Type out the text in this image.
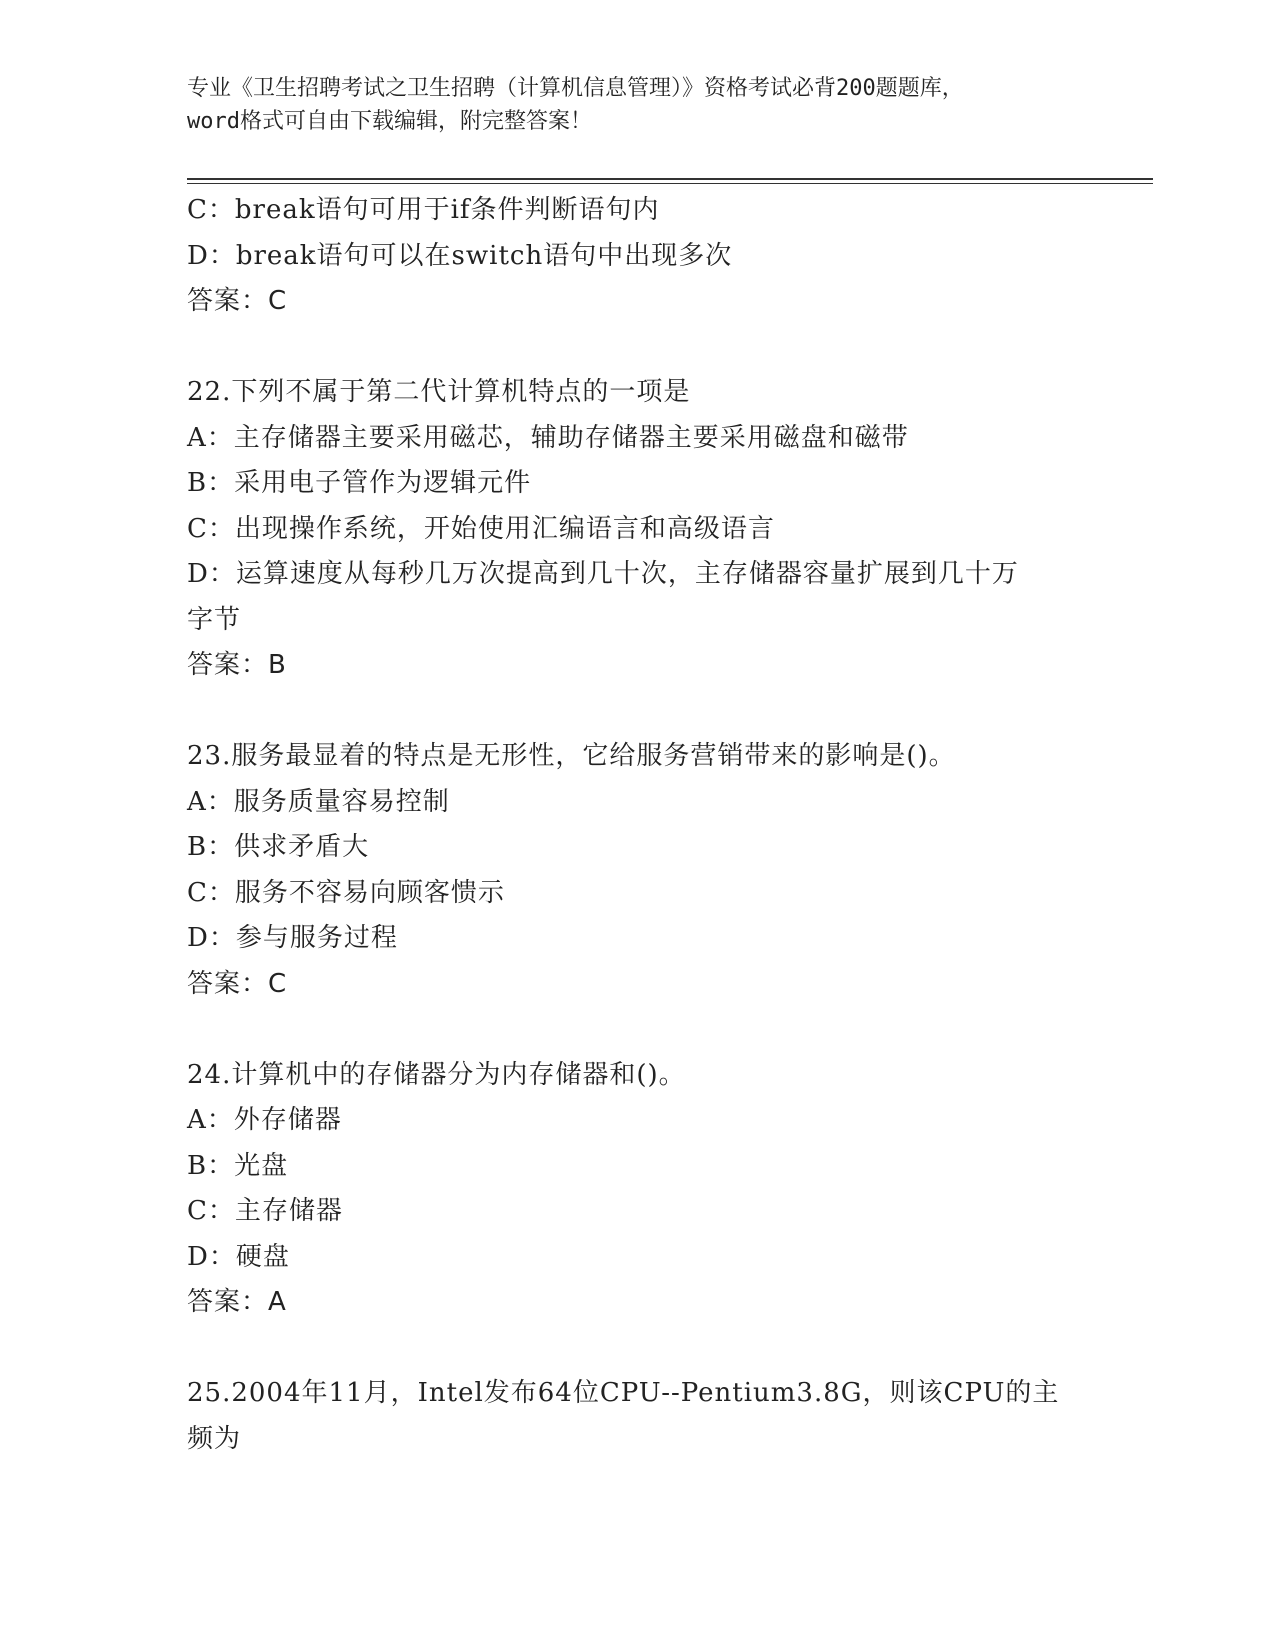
专业《卫生招聘考试之卫生招聘（计算机信息管理）》资格考试必背200题题库，
word格式可自由下载编辑，附完整答案！
C：break语句可用于if条件判断语句内
D：break语句可以在switch语句中出现多次
答案：C
22.下列不属于第二代计算机特点的一项是
A：主存储器主要采用磁芯，辅助存储器主要采用磁盘和磁带
B：采用电子管作为逻辑元件
C：出现操作系统，开始使用汇编语言和高级语言
D：运算速度从每秒几万次提高到几十次，主存储器容量扩展到几十万
字节
答案：B
23.服务最显着的特点是无形性，它给服务营销带来的影响是()。
A：服务质量容易控制
B：供求矛盾大
C：服务不容易向顾客愦示
D：参与服务过程
答案：C
24.计算机中的存储器分为内存储器和()。
A：外存储器
B：光盘
C：主存储器
D：硬盘
答案：A
25.2004年11月，Intel发布64位CPU--Pentium3.8G，则该CPU的主
频为
